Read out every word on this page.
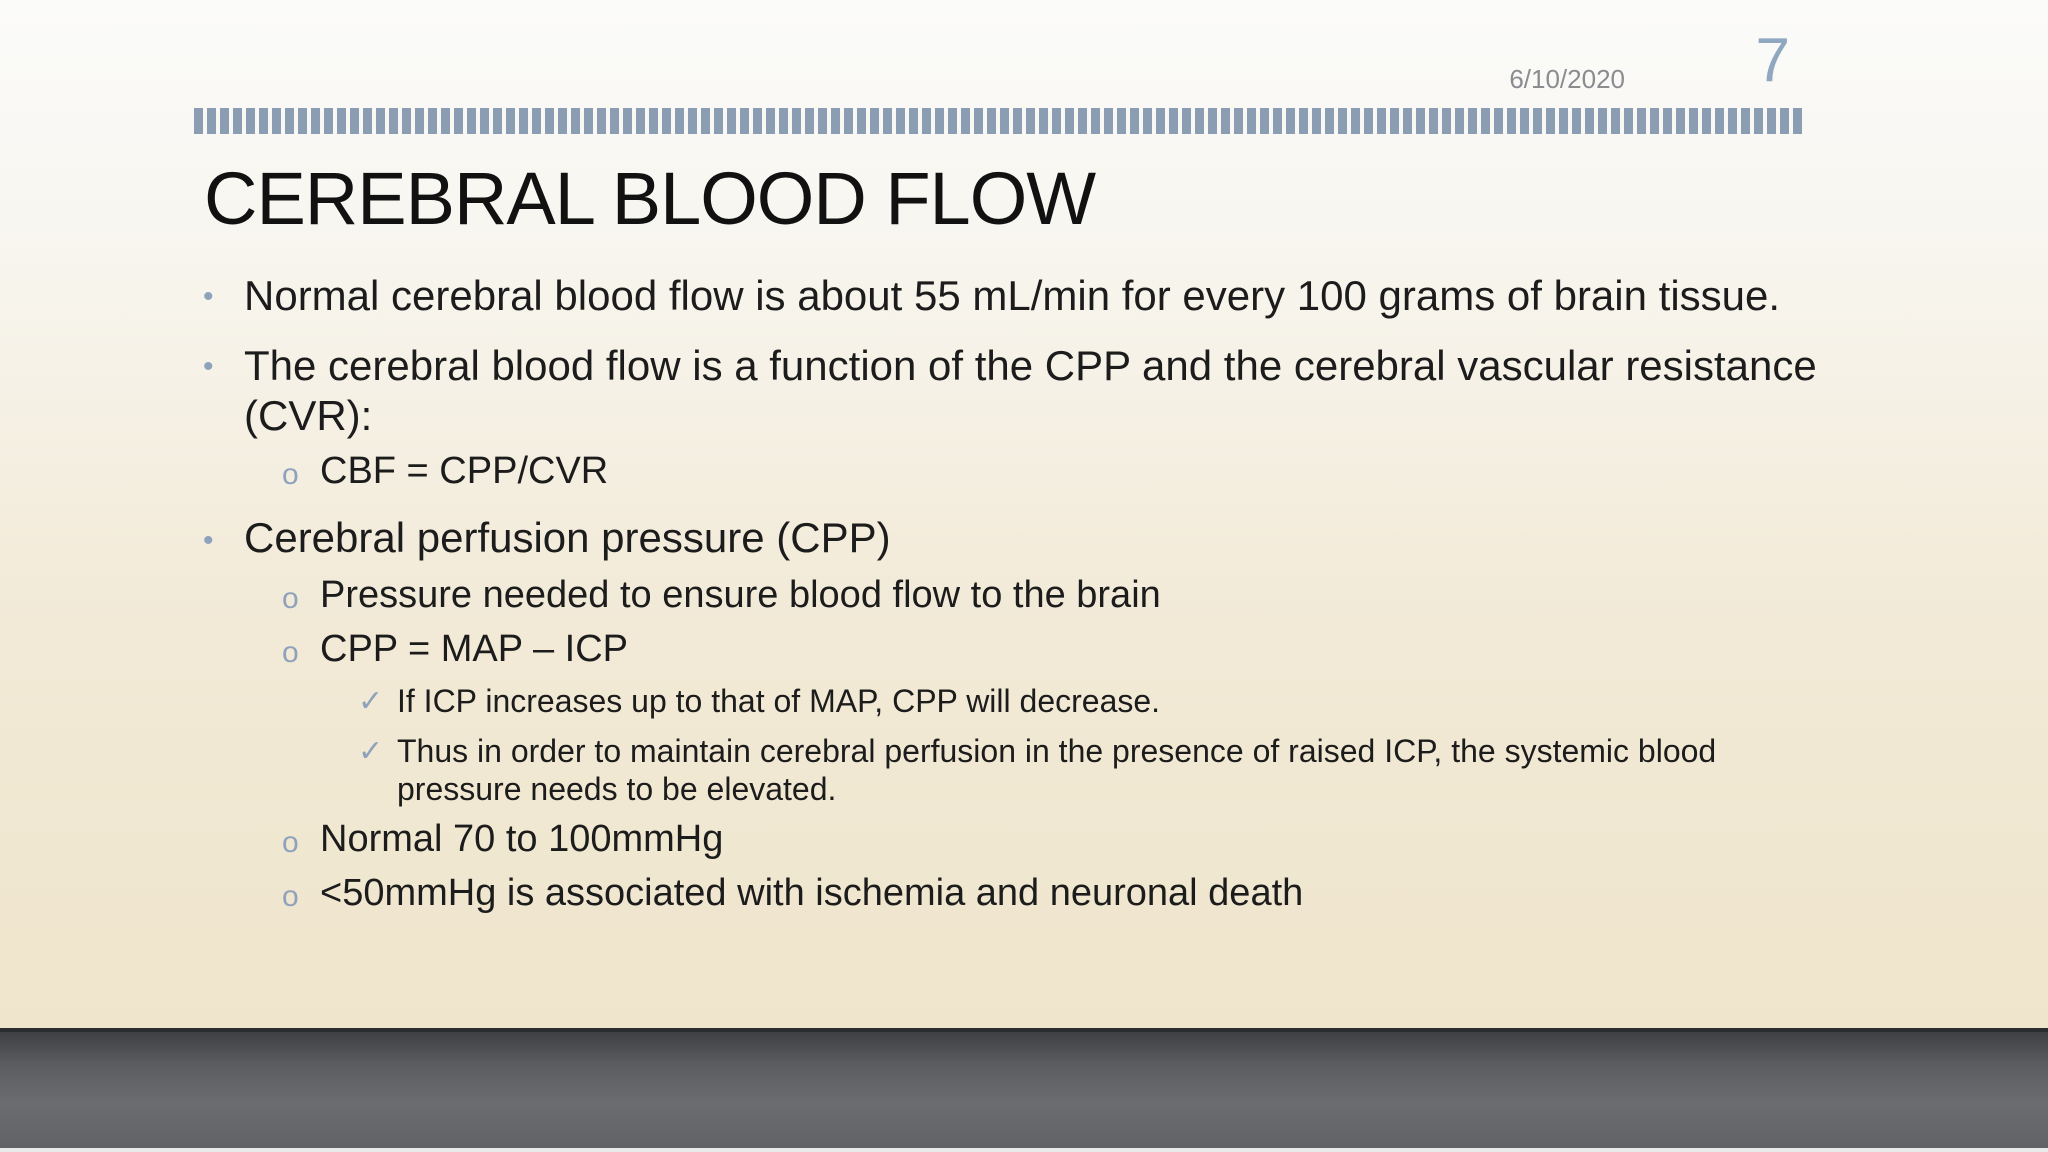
6/10/2020	7
CEREBRAL BLOOD FLOW
• Normal cerebral blood flow is about 55 mL/min for every 100 grams of brain tissue.
• The cerebral blood flow is a function of the CPP and the cerebral vascular resistance
(CVR):
o CBF = CPP/CVR
• Cerebral perfusion pressure (CPP)
o Pressure needed to ensure blood flow to the brain
o CPP = MAP – ICP
✓ If ICP increases up to that of MAP, CPP will decrease.
✓ Thus in order to maintain cerebral perfusion in the presence of raised ICP, the systemic blood
pressure needs to be elevated.
o Normal 70 to 100mmHg
o <50mmHg is associated with ischemia and neuronal death
